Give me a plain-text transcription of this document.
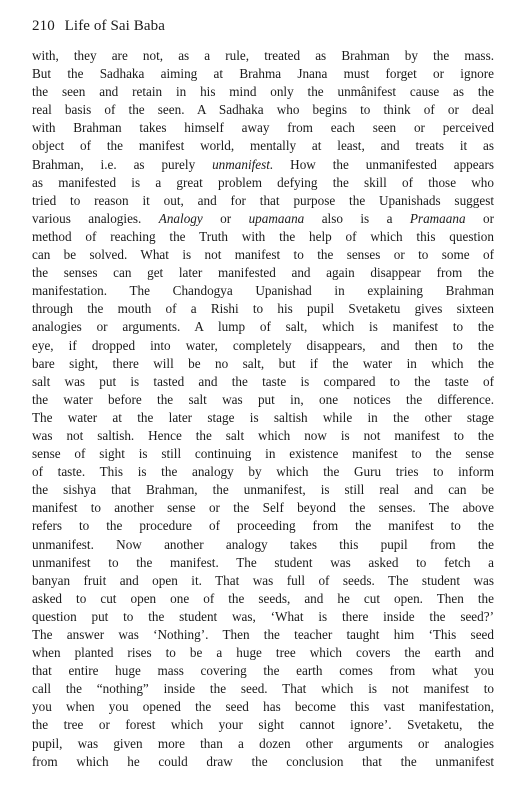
210 Life of Sai Baba
with, they are not, as a rule, treated as Brahman by the mass.
But the Sadhaka aiming at Brahma Jnana must forget or ignore
the seen and retain in his mind only the unmânifest cause as the
real basis of the seen. A Sadhaka who begins to think of or deal
with Brahman takes himself away from each seen or perceived
object of the manifest world, mentally at least, and treats it as
Brahman, i.e. as purely unmanifest. How the unmanifested appears
as manifested is a great problem defying the skill of those who
tried to reason it out, and for that purpose the Upanishads suggest
various analogies. Analogy or upamaana also is a Pramaana or
method of reaching the Truth with the help of which this question
can be solved. What is not manifest to the senses or to some of
the senses can get later manifested and again disappear from the
manifestation. The Chandogya Upanishad in explaining Brahman
through the mouth of a Rishi to his pupil Svetaketu gives sixteen
analogies or arguments. A lump of salt, which is manifest to the
eye, if dropped into water, completely disappears, and then to the
bare sight, there will be no salt, but if the water in which the
salt was put is tasted and the taste is compared to the taste of
the water before the salt was put in, one notices the difference.
The water at the later stage is saltish while in the other stage
was not saltish. Hence the salt which now is not manifest to the
sense of sight is still continuing in existence manifest to the sense
of taste. This is the analogy by which the Guru tries to inform
the sishya that Brahman, the unmanifest, is still real and can be
manifest to another sense or the Self beyond the senses. The above
refers to the procedure of proceeding from the manifest to the
unmanifest. Now another analogy takes this pupil from the
unmanifest to the manifest. The student was asked to fetch a
banyan fruit and open it. That was full of seeds. The student was
asked to cut open one of the seeds, and he cut open. Then the
question put to the student was, ‘What is there inside the seed?’
The answer was ‘Nothing’. Then the teacher taught him ‘This seed
when planted rises to be a huge tree which covers the earth and
that entire huge mass covering the earth comes from what you
call the “nothing” inside the seed. That which is not manifest to
you when you opened the seed has become this vast manifestation,
the tree or forest which your sight cannot ignore’. Svetaketu, the
pupil, was given more than a dozen other arguments or analogies
from which he could draw the conclusion that the unmanifest
